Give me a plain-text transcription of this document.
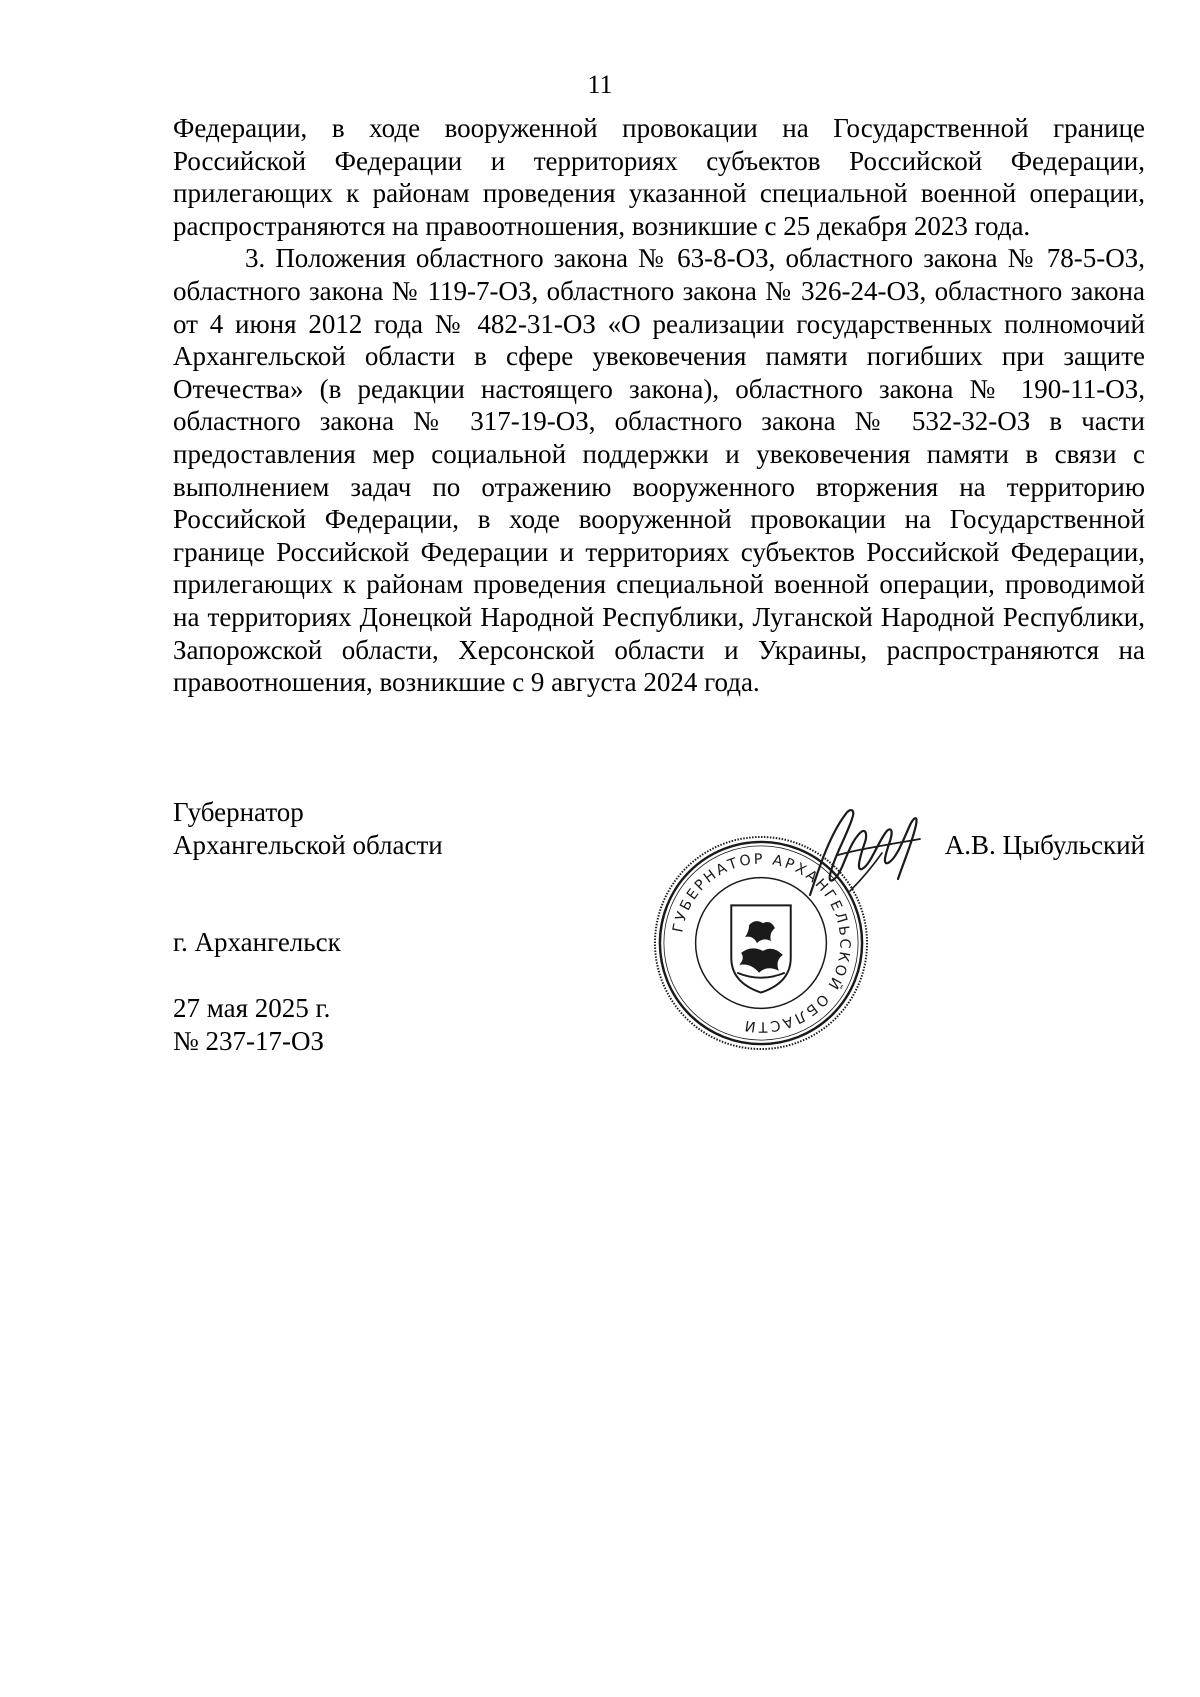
11

Федерации, в ходе вооруженной провокации на Государственной границе Российской Федерации и территориях субъектов Российской Федерации, прилегающих к районам проведения указанной специальной военной операции, распространяются на правоотношения, возникшие с 25 декабря 2023 года.

3. Положения областного закона № 63-8-ОЗ, областного закона № 78-5-ОЗ, областного закона № 119-7-ОЗ, областного закона № 326-24-ОЗ, областного закона от 4 июня 2012 года № 482-31-ОЗ «О реализации государственных полномочий Архангельской области в сфере увековечения памяти погибших при защите Отечества» (в редакции настоящего закона), областного закона № 190-11-ОЗ, областного закона № 317-19-ОЗ, областного закона № 532-32-ОЗ в части предоставления мер социальной поддержки и увековечения памяти в связи с выполнением задач по отражению вооруженного вторжения на территорию Российской Федерации, в ходе вооруженной провокации на Государственной границе Российской Федерации и территориях субъектов Российской Федерации, прилегающих к районам проведения специальной военной операции, проводимой на территориях Донецкой Народной Республики, Луганской Народной Республики, Запорожской области, Херсонской области и Украины, распространяются на правоотношения, возникшие с 9 августа 2024 года.

Губернатор
Архангельской области	А.В. Цыбульский
г. Архангельск
27 мая 2025 г.
№ 237-17-ОЗ
ГУБЕРНАТОР АРХАНГЕЛЬСКОЙ ОБЛАСТИ
